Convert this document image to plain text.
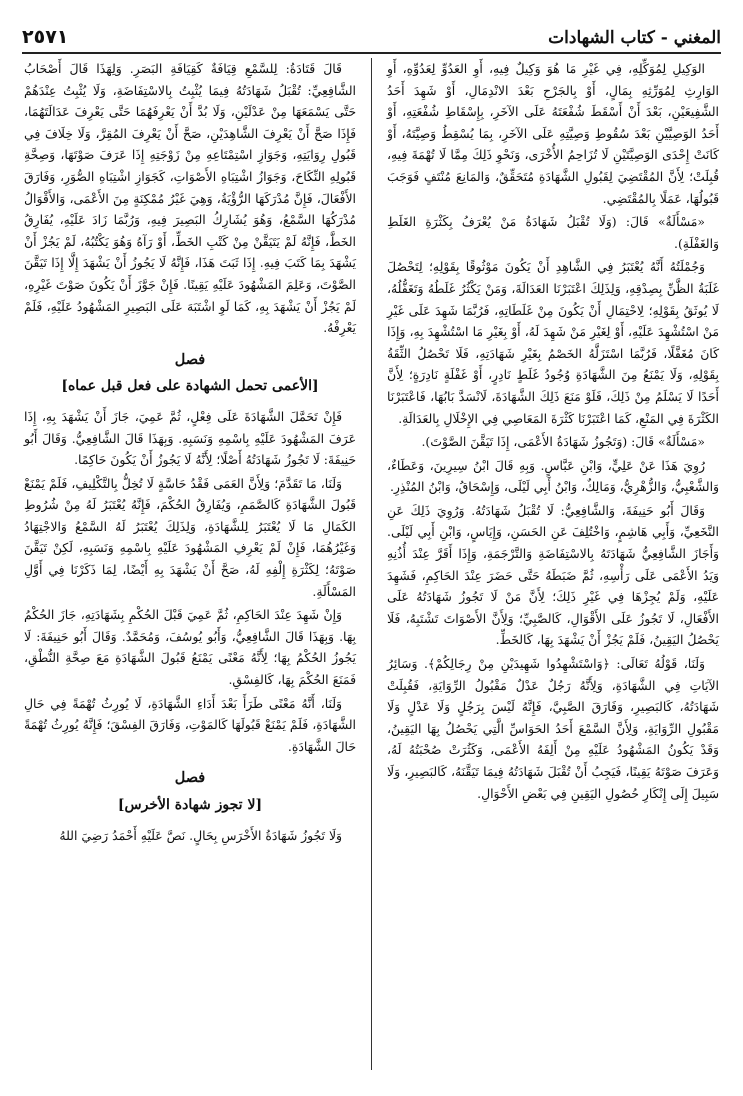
المغني - كتاب الشهادات
٢٥٧١

الوَكِيلِ لِمُوَكِّلِهِ، فِي غَيْرِ مَا هُوَ وَكِيلٌ فِيهِ، أَوِ العَدُوِّ لِعَدُوِّهِ، أَوِ الوَارِثِ لِمُوَرِّثِهِ بِمَالٍ، أَوْ بِالجَرْحِ بَعْدَ الانْدِمَالِ، أَوْ شَهِدَ أَحَدُ الشَّفِيعَيْنِ، بَعْدَ أَنْ أَسْقَطَ شُفْعَتَهُ عَلَى الآخَرِ، بِإِسْقَاطِ شُفْعَتِهِ، أَوْ أَحَدُ الوَصِيَّيْنِ بَعْدَ سُقُوطِ وَصِيَّتِهِ عَلَى الآخَرِ، بِمَا يُسْقِطُ وَصِيَّتَهُ، أَوْ كَانَتْ إِحْدَى الوَصِيَّتَيْنِ لَا تُزَاحِمُ الأُخْرَى، وَنَحْوِ ذَلِكَ مِمَّا لَا تُهْمَةَ فِيهِ، قُبِلَتْ؛ لِأَنَّ المُقْتَضِيَ لِقَبُولِ الشَّهَادَةِ مُتَحَقِّقٌ، وَالمَانِعَ مُنْتَفٍ فَوَجَبَ قَبُولُهَا، عَمَلًا بِالمُقْتَضِي.

«مَسْأَلَةٌ» قَالَ: (وَلَا تُقْبَلُ شَهَادَةُ مَنْ يُعْرَفُ بِكَثْرَةِ الغَلَطِ وَالغَفْلَةِ).

وَجُمْلَتُهُ أَنَّهُ يُعْتَبَرُ فِي الشَّاهِدِ أَنْ يَكُونَ مَوْثُوقًا بِقَوْلِهِ؛ لِتَحْصُلَ غَلَبَةُ الظَّنِّ بِصِدْقِهِ، وَلِذَلِكَ اعْتَبَرْنَا العَدَالَةَ، وَمَنْ يَكْثُرُ غَلَطُهُ وَتَغَفُّلُهُ، لَا يُوثَقُ بِقَوْلِهِ؛ لِاحْتِمَالِ أَنْ يَكُونَ مِنْ غَلَطَاتِهِ، فَرُبَّمَا شَهِدَ عَلَى غَيْرِ مَنْ اسْتُشْهِدَ عَلَيْهِ، أَوْ لِغَيْرِ مَنْ شَهِدَ لَهُ، أَوْ بِغَيْرِ مَا اسْتُشْهِدَ بِهِ، وَإِذَا كَانَ مُغَفَّلًا، فَرُبَّمَا اسْتَزَلَّهُ الخَصْمُ بِغَيْرِ شَهَادَتِهِ، فَلَا تَحْصُلُ الثِّقَةُ بِقَوْلِهِ، وَلَا يَمْنَعُ مِنَ الشَّهَادَةِ وُجُودُ غَلَطٍ نَادِرٍ، أَوْ غَفْلَةٍ نَادِرَةٍ؛ لِأَنَّ أَحَدًا لَا يَسْلَمُ مِنْ ذَلِكَ، فَلَوْ مَنَعَ ذَلِكَ الشَّهَادَةَ، لَانْسَدَّ بَابُهَا، فَاعْتَبَرْنَا الكَثْرَةَ فِي المَنْعِ، كَمَا اعْتَبَرْنَا كَثْرَةَ المَعَاصِي فِي الإِخْلَالِ بِالعَدَالَةِ.

«مَسْأَلَةٌ» قَالَ: (وَتَجُوزُ شَهَادَةُ الأَعْمَى، إِذَا تَيَقَّنَ الصَّوْتَ).

رُوِيَ هَذَا عَنْ عَلِيٍّ، وَابْنِ عَبَّاسٍ. وَبِهِ قَالَ ابْنُ سِيرِينَ، وَعَطَاءٌ، وَالشَّعْبِيُّ، وَالزُّهْرِيُّ، وَمَالِكٌ، وَابْنُ أَبِي لَيْلَى، وَإِسْحَاقُ، وَابْنُ المُنْذِرِ.

وَقَالَ أَبُو حَنِيفَةَ، وَالشَّافِعِيُّ: لَا تُقْبَلُ شَهَادَتُهُ. وَرُوِيَ ذَلِكَ عَنِ النَّخَعِيِّ، وَأَبِي هَاشِمٍ، وَاخْتُلِفَ عَنِ الحَسَنِ، وَإِيَاسٍ، وَابْنِ أَبِي لَيْلَى. وَأَجَازَ الشَّافِعِيُّ شَهَادَتَهُ بِالاسْتِفَاضَةِ وَالتَّرْجَمَةِ، وَإِذَا أَقَرَّ عِنْدَ أُذُنِهِ وَيَدُ الأَعْمَى عَلَى رَأْسِهِ، ثُمَّ ضَبَطَهُ حَتَّى حَضَرَ عِنْدَ الحَاكِمِ، فَشَهِدَ عَلَيْهِ، وَلَمْ يُجِزْهَا فِي غَيْرِ ذَلِكَ؛ لِأَنَّ مَنْ لَا تَجُوزُ شَهَادَتُهُ عَلَى الأَفْعَالِ، لَا تَجُوزُ عَلَى الأَقْوَالِ، كَالصَّبِيِّ؛ وَلِأَنَّ الأَصْوَاتَ تَشْتَبِهُ، فَلَا يَحْصُلُ اليَقِينُ، فَلَمْ يَجُزْ أَنْ يَشْهَدَ بِهَا، كَالخَطِّ.

وَلَنَا، قَوْلُهُ تَعَالَى: ﴿وَاسْتَشْهِدُوا شَهِيدَيْنِ مِنْ رِجَالِكُمْ﴾. وَسَائِرُ الآيَاتِ فِي الشَّهَادَةِ، وَلِأَنَّهُ رَجُلٌ عَدْلٌ مَقْبُولُ الرِّوَايَةِ، فَقُبِلَتْ شَهَادَتُهُ، كَالبَصِيرِ، وَفَارَقَ الصَّبِيَّ، فَإِنَّهُ لَيْسَ بِرَجُلٍ وَلَا عَدْلٍ وَلَا مَقْبُولِ الرِّوَايَةِ، وَلِأَنَّ السَّمْعَ أَحَدُ الحَوَاسِّ الَّتِي يَحْصُلُ بِهَا اليَقِينُ، وَقَدْ يَكُونُ المَشْهُودُ عَلَيْهِ مِنْ أَلِفَهُ الأَعْمَى، وَكَثُرَتْ صُحْبَتُهُ لَهُ، وَعَرَفَ صَوْتَهُ يَقِينًا، فَيَجِبُ أَنْ تُقْبَلَ شَهَادَتُهُ فِيمَا تَيَقَّنَهُ، كَالبَصِيرِ، وَلَا سَبِيلَ إِلَى إِنْكَارِ حُصُولِ اليَقِينِ فِي بَعْضِ الأَحْوَالِ.

قَالَ قَتَادَةُ: لِلسَّمْعِ قِيَافَةٌ كَقِيَافَةِ البَصَرِ. وَلِهَذَا قَالَ أَصْحَابُ الشَّافِعِيِّ: تُقْبَلُ شَهَادَتُهُ فِيمَا يُثْبِتُ بِالاسْتِفَاضَةِ، وَلَا يُثْبِتُ عِنْدَهُمْ حَتَّى يَسْمَعَهَا مِنْ عَدْلَيْنِ، وَلَا بُدَّ أَنْ يَعْرِفَهُمَا حَتَّى يَعْرِفَ عَدَالَتَهُمَا، فَإِذَا صَحَّ أَنْ يَعْرِفَ الشَّاهِدَيْنِ، صَحَّ أَنْ يَعْرِفَ المُقِرَّ، وَلَا خِلَافَ فِي قَبُولِ رِوَايَتِهِ، وَجَوَازِ اسْتِمْتَاعِهِ مِنْ زَوْجَتِهِ إِذَا عَرَفَ صَوْتَهَا، وَصِحَّةِ قَبُولِهِ النِّكَاحَ، وَجَوَازُ اشْتِبَاهِ الأَصْوَاتِ، كَجَوَازِ اشْتِبَاهِ الصُّوَرِ، وَفَارَقَ الأَفْعَالَ، فَإِنَّ مُدْرَكَهَا الرُّؤْيَةُ، وَهِيَ غَيْرُ مُمْكِنَةٍ مِنَ الأَعْمَى، وَالأَقْوَالُ مُدْرَكُهَا السَّمْعُ، وَهُوَ يُشَارِكُ البَصِيرَ فِيهِ، وَرُبَّمَا زَادَ عَلَيْهِ، يُفَارِقُ الخَطَّ، فَإِنَّهُ لَمْ يَتَيَقَّنْ مِنْ كَتْبِ الخَطِّ، أَوْ رَآهُ وَهُوَ يَكْتُبُهُ، لَمْ يَجُزْ أَنْ يَشْهَدَ بِمَا كَتَبَ فِيهِ. إِذَا ثَبَتَ هَذَا، فَإِنَّهُ لَا يَجُوزُ أَنْ يَشْهَدَ إِلَّا إِذَا تَيَقَّنَ الصَّوْتَ، وَعَلِمَ المَشْهُودَ عَلَيْهِ يَقِينًا. فَإِنْ جَوَّزَ أَنْ يَكُونَ صَوْتَ غَيْرِهِ، لَمْ يَجُزْ أَنْ يَشْهَدَ بِهِ، كَمَا لَوِ اشْتَبَهَ عَلَى البَصِيرِ المَشْهُودُ عَلَيْهِ، فَلَمْ يَعْرِفْهُ.

فصل
[الأعمى تحمل الشهادة على فعل قبل عماه]

فَإِنْ تَحَمَّلَ الشَّهَادَةَ عَلَى فِعْلٍ، ثُمَّ عَمِيَ، جَازَ أَنْ يَشْهَدَ بِهِ، إِذَا عَرَفَ المَشْهُودَ عَلَيْهِ بِاسْمِهِ وَنَسَبِهِ. وَبِهَذَا قَالَ الشَّافِعِيُّ. وَقَالَ أَبُو حَنِيفَةَ: لَا تَجُوزُ شَهَادَتُهُ أَصْلًا؛ لِأَنَّهُ لَا يَجُوزُ أَنْ يَكُونَ حَاكِمًا.

وَلَنَا، مَا تَقَدَّمَ؛ وَلِأَنَّ العَمَى فَقْدُ حَاسَّةٍ لَا تُخِلُّ بِالتَّكْلِيفِ، فَلَمْ يَمْنَعْ قَبُولَ الشَّهَادَةِ كَالصَّمَمِ، وَيُفَارِقُ الحُكْمَ، فَإِنَّهُ يُعْتَبَرُ لَهُ مِنْ شُرُوطِ الكَمَالِ مَا لَا يُعْتَبَرُ لِلشَّهَادَةِ، وَلِذَلِكَ يُعْتَبَرُ لَهُ السَّمْعُ وَالاجْتِهَادُ وَغَيْرُهُمَا، فَإِنْ لَمْ يَعْرِفِ المَشْهُودَ عَلَيْهِ بِاسْمِهِ وَنَسَبِهِ، لَكِنْ تَيَقَّنَ صَوْتَهُ؛ لِكَثْرَةِ إِلْفِهِ لَهُ، صَحَّ أَنْ يَشْهَدَ بِهِ أَيْضًا، لِمَا ذَكَرْنَا فِي أَوَّلِ المَسْأَلَةِ.

وَإِنْ شَهِدَ عِنْدَ الحَاكِمِ، ثُمَّ عَمِيَ قَبْلَ الحُكْمِ بِشَهَادَتِهِ، جَازَ الحُكْمُ بِهَا. وَبِهَذَا قَالَ الشَّافِعِيُّ، وَأَبُو يُوسُفَ، وَمُحَمَّدٌ. وَقَالَ أَبُو حَنِيفَةَ: لَا يَجُوزُ الحُكْمُ بِهَا؛ لِأَنَّهُ مَعْنًى يَمْنَعُ قَبُولَ الشَّهَادَةِ مَعَ صِحَّةِ النُّطْقِ، فَمَنَعَ الحُكْمَ بِهَا، كَالفِسْقِ.

وَلَنَا، أَنَّهُ مَعْنًى طَرَأَ بَعْدَ أَدَاءِ الشَّهَادَةِ، لَا يُورِثُ تُهْمَةً فِي حَالِ الشَّهَادَةِ، فَلَمْ يَمْنَعْ قَبُولَهَا كَالمَوْتِ، وَفَارَقَ الفِسْقَ؛ فَإِنَّهُ يُورِثُ تُهْمَةً حَالَ الشَّهَادَةِ.

فصل
[لا تجوز شهادة الأخرس]

وَلَا تَجُوزُ شَهَادَةُ الأَخْرَسِ بِحَالٍ. نَصَّ عَلَيْهِ أَحْمَدُ رَضِيَ اللهُ
